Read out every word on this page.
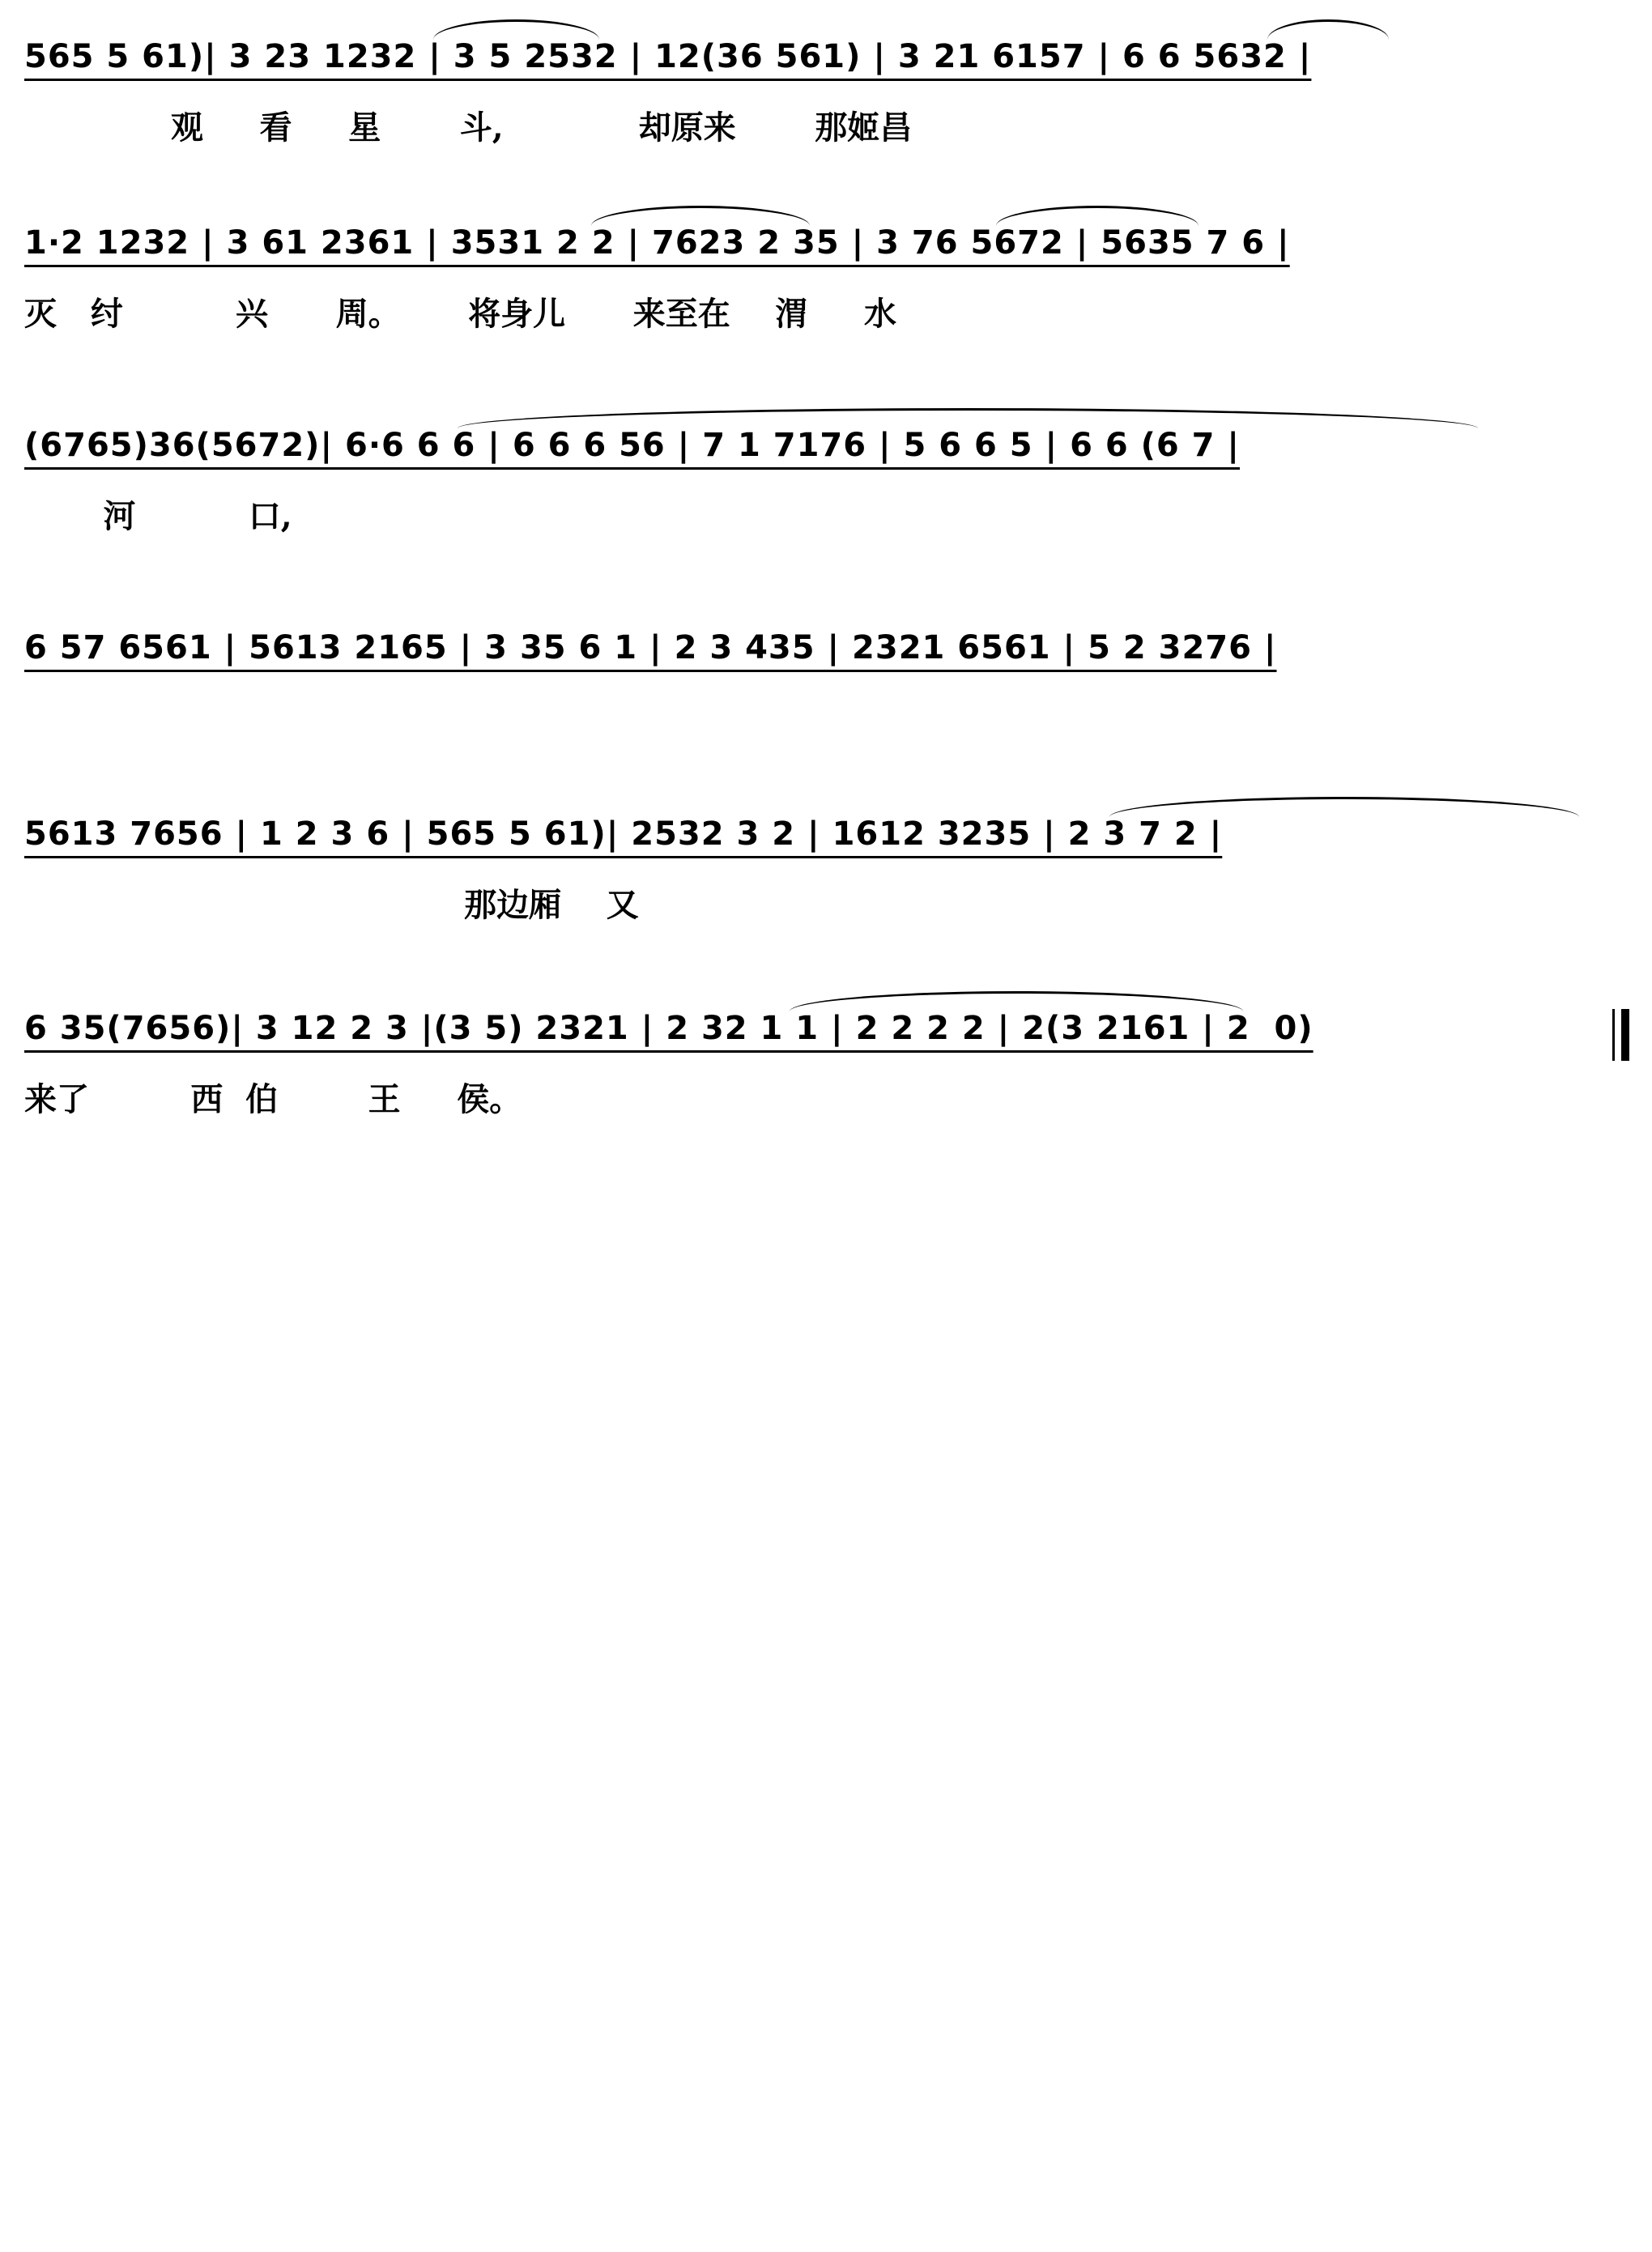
565 5 61)| 3 23 1232 | 3 5 2532 | 12(36 561) | 3 21 6157 | 6 6 5632 |
观     看     星       斗,            却原来       那姬昌
1·2 1232 | 3 61 2361 | 3531 2 2 | 7623 2 35 | 3 76 5672 | 5635 7 6 |
灭   纣          兴      周。      将身儿      来至在    渭     水
(6765)36(5672)| 6·6 6 6 | 6 6 6 56 | 7 1 7176 | 5 6 6 5 | 6 6 (6 7 |
河          口,
6 57 6561 | 5613 2165 | 3 35 6 1 | 2 3 435 | 2321 6561 | 5 2 3276 |
5613 7656 | 1 2 3 6 | 565 5 61)| 2532 3 2 | 1612 3235 | 2 3 7 2 |
那边厢    又
6 35(7656)| 3 12 2 3 |(3 5) 2321 | 2 32 1 1 | 2 2 2 2 | 2(3 2161 | 2  0)
来了         西  伯        王     侯。
